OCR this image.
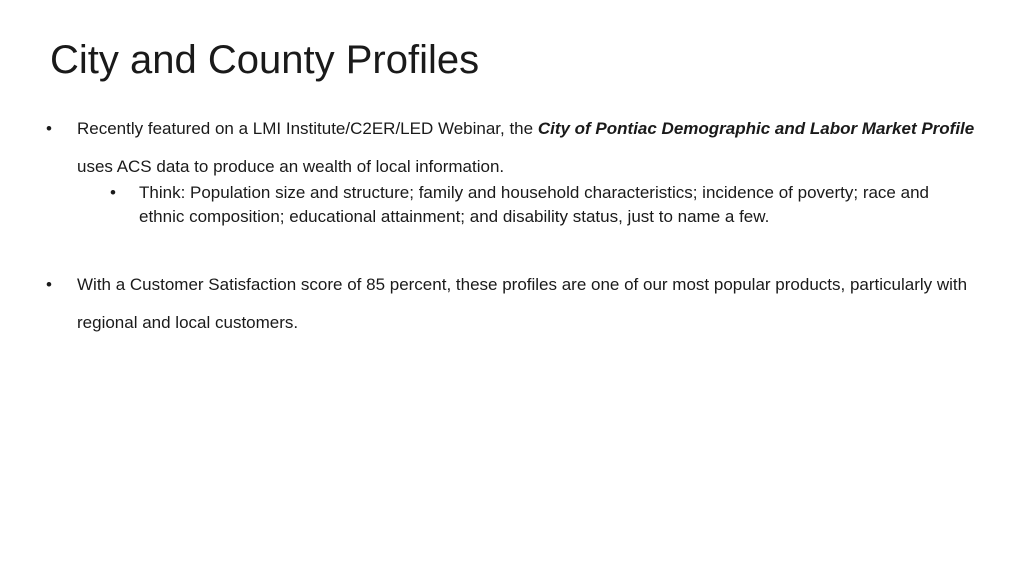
City and County Profiles
• Recently featured on a LMI Institute/C2ER/LED Webinar, the City of Pontiac Demographic and Labor Market Profile uses ACS data to produce an wealth of local information.
• Think: Population size and structure; family and household characteristics; incidence of poverty; race and ethnic composition; educational attainment; and disability status, just to name a few.
• With a Customer Satisfaction score of 85 percent, these profiles are one of our most popular products, particularly with regional and local customers.
